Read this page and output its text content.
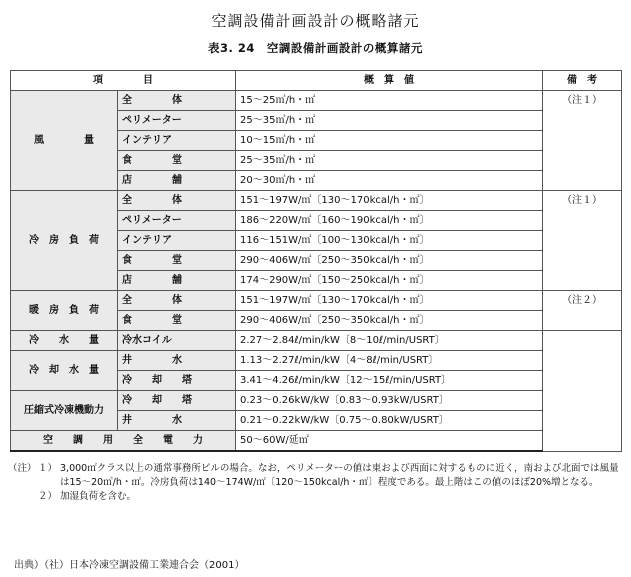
空調設備計画設計の概略諸元
表3. 24　空調設備計画設計の概算諸元
項　　　　目		概　算　値	備　考
風　　　　量	全　　　　体	15～25㎥/h・㎡	（注１）
	ペリメーター	25～35㎥/h・㎡	
	インテリア	10～15㎥/h・㎡	
	食　　　　堂	25～35㎥/h・㎡	
	店　　　　舗	20～30㎥/h・㎡	
冷　房　負　荷	全　　　　体	151～197W/㎡〔130～170kcal/h・㎡〕	（注１）
	ペリメーター	186～220W/㎡〔160～190kcal/h・㎡〕	
	インテリア	116～151W/㎡〔100～130kcal/h・㎡〕	
	食　　　　堂	290～406W/㎡〔250～350kcal/h・㎡〕	
	店　　　　舗	174～290W/㎡〔150～250kcal/h・㎡〕	
暖　房　負　荷	全　　　　体	151～197W/㎡〔130～170kcal/h・㎡〕	（注２）
	食　　　　堂	290～406W/㎡〔250～350kcal/h・㎡〕	
冷　　水　　量	冷水コイル	2.27～2.84ℓ/min/kW〔8～10ℓ/min/USRT〕	
冷　却　水　量	井　　　　水	1.13～2.27ℓ/min/kW〔4～8ℓ/min/USRT〕	
	冷　　却　　塔	3.41～4.26ℓ/min/kW〔12～15ℓ/min/USRT〕	
圧縮式冷凍機動力	冷　　却　　塔	0.23～0.26kW/kW〔0.83～0.93kW/USRT〕	
	井　　　　水	0.21～0.22kW/kW〔0.75～0.80kW/USRT〕	
空　　調　　用　　全　　電　　力		50～60W/延㎡	
（注） １） 3,000㎡クラス以上の通常事務所ビルの場合。なお，ペリメーターの値は東および西面に対するものに近く，南および北面では風量は15～20㎥/h・㎡。冷房負荷は140～174W/㎡〔120～150kcal/h・㎡〕程度である。最上階はこの値のほぼ20%増となる。
２） 加湿負荷を含む。
出典）（社）日本冷凍空調設備工業連合会（2001）
